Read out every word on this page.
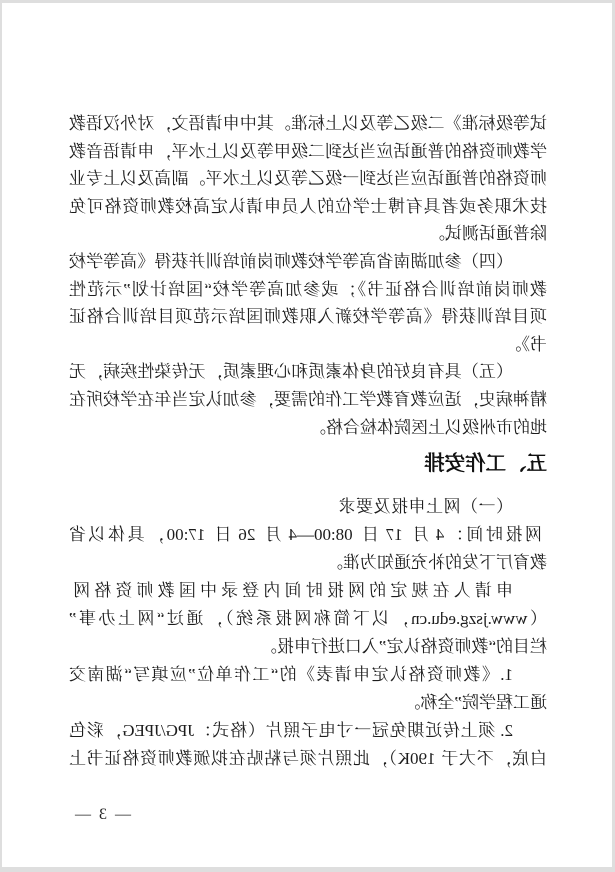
试等级标准》二级乙等及以上标准。其中申请语文，对外汉语教
学教师资格的普通话应当达到二级甲等及以上水平，申请语音教
师资格的普通话应当达到一级乙等及以上水平。副高及以上专业
技术职务或者具有博士学位的人员申请认定高校教师资格可免
除普通话测试。
（四）参加湖南省高等学校教师岗前培训并获得《高等学校
教师岗前培训合格证书》；或参加高等学校“国培计划”示范性
项目培训获得《高等学校新入职教师国培示范项目培训合格证
书》。
（五）具有良好的身体素质和心理素质，无传染性疾病，无
精神病史，适应教育教学工作的需要，参加认定当年在学校所在
地的市州级以上医院体检合格。
五、工作安排
（一）网上申报及要求
网报时间：4 月 17 日 08:00—4 月 26 日 17:00，具体以省
教育厅下发的补充通知为准。
申请人在规定的网报时间内登录中国教师资格网
（www.jszg.edu.cn，以下简称网报系统），通过“网上办事”
栏目的“教师资格认定”入口进行申报。
1.《教师资格认定申请表》的“工作单位”应填写“湖南交
通工程学院”全称。
2. 须上传近期免冠一寸电子照片（格式：JPG/JPEG，彩色
白底，不大于 190K），此照片须与粘贴在拟颁教师资格证书上
— 3 —
